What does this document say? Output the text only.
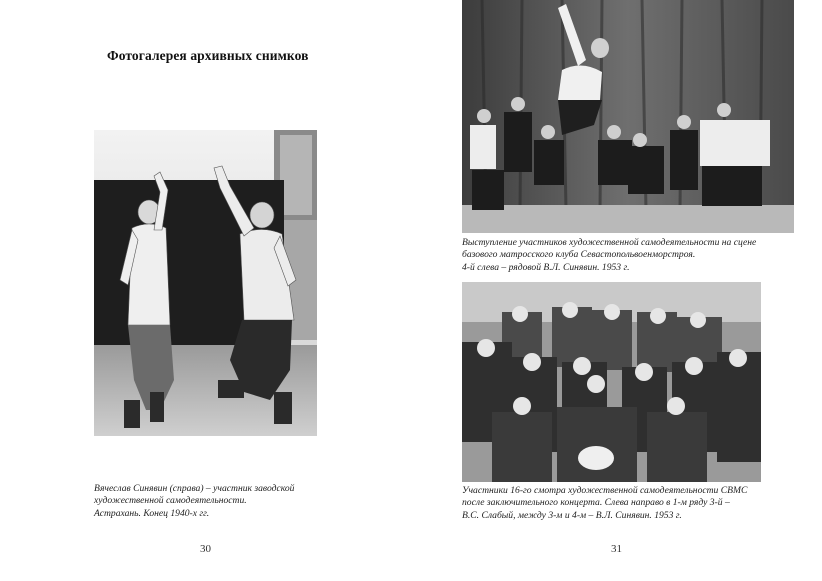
Фотогалерея архивных снимков
Вячеслав Синявин (справа) – участник заводской
художественной самодеятельности.
Астрахань. Конец 1940-х гг.
30
Выступление участников художественной самодеятельности на сцене
базового матросского клуба Севастопольвоенморстроя.
4-й слева – рядовой В.Л. Синявин. 1953 г.
Участники 16-го смотра художественной самодеятельности СВМС
после заключительного концерта. Слева направо в 1-м ряду 3-й –
В.С. Слабый, между 3-м и 4-м – В.Л. Синявин. 1953 г.
31
